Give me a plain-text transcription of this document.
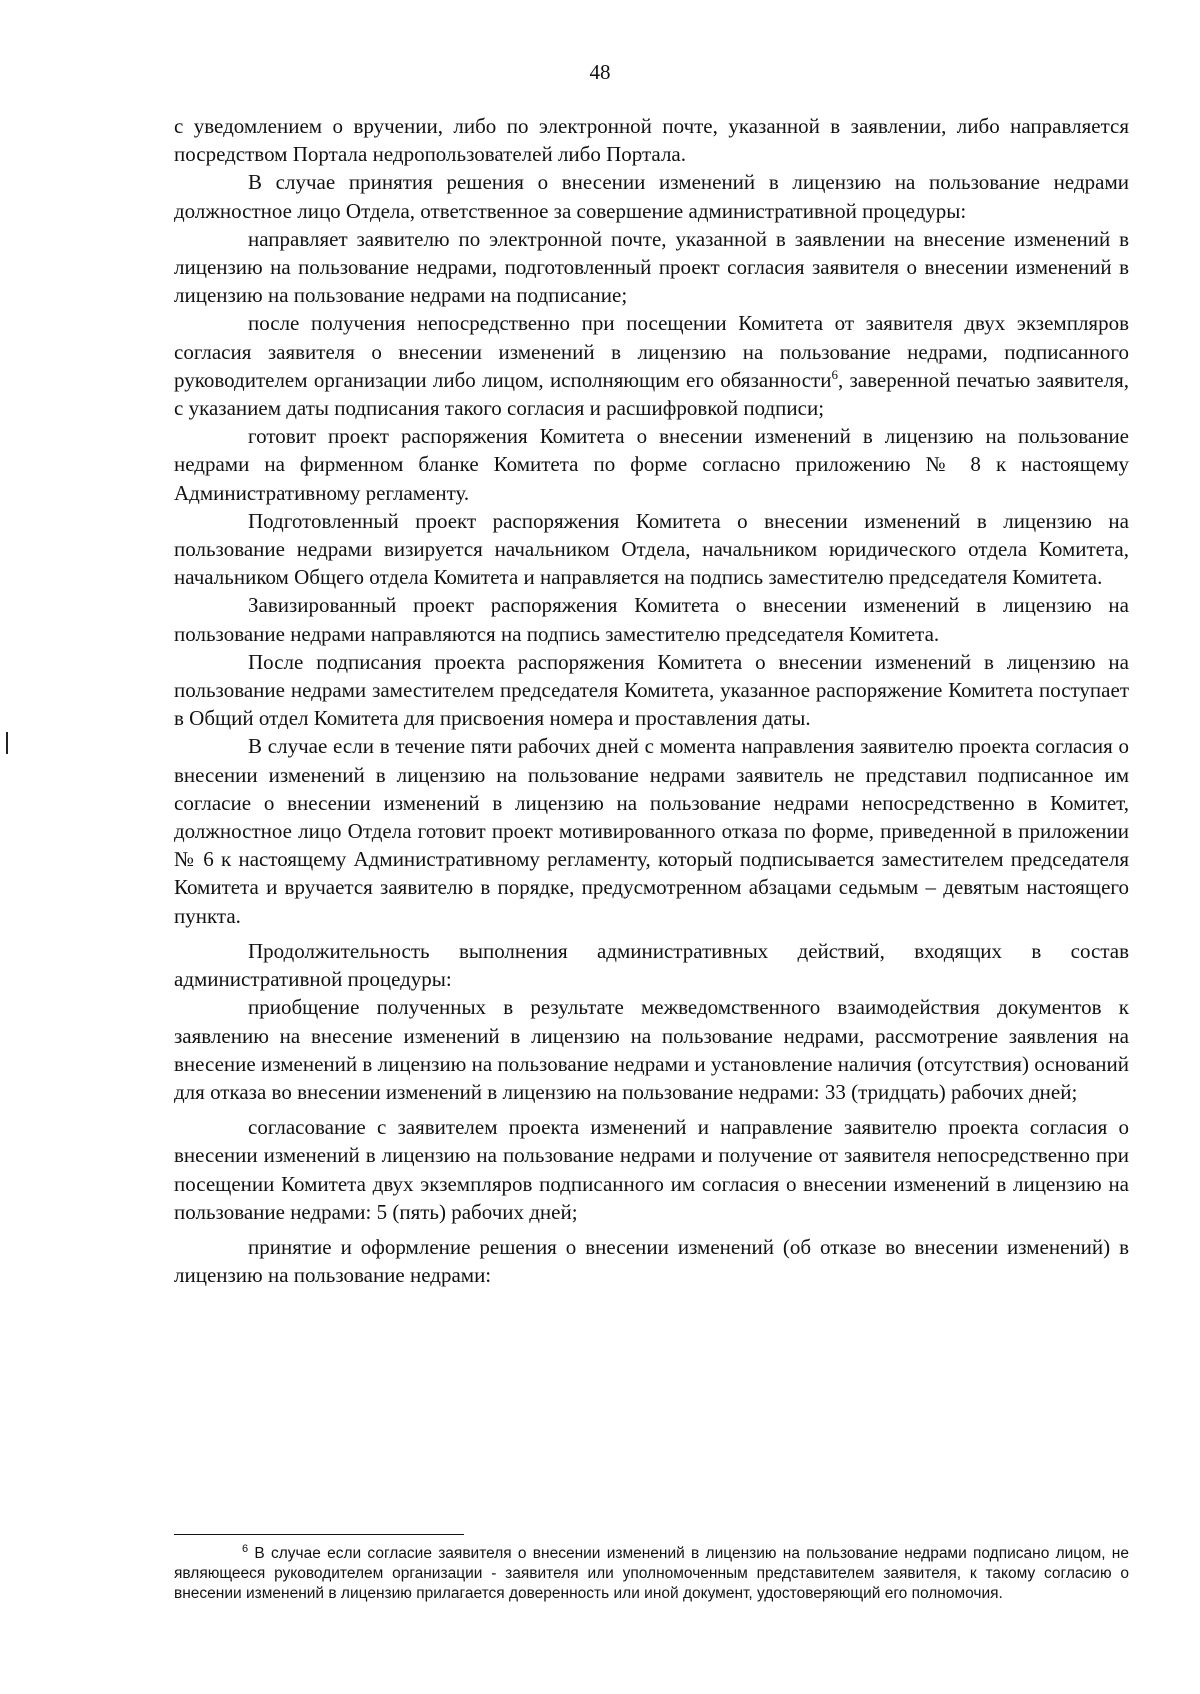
48

с уведомлением о вручении, либо по электронной почте, указанной в заявлении, либо направляется посредством Портала недропользователей либо Портала.

В случае принятия решения о внесении изменений в лицензию на пользование недрами должностное лицо Отдела, ответственное за совершение административной процедуры:

направляет заявителю по электронной почте, указанной в заявлении на внесение изменений в лицензию на пользование недрами, подготовленный проект согласия заявителя о внесении изменений в лицензию на пользование недрами на подписание;

после получения непосредственно при посещении Комитета от заявителя двух экземпляров согласия заявителя о внесении изменений в лицензию на пользование недрами, подписанного руководителем организации либо лицом, исполняющим его обязанности$^6$, заверенной печатью заявителя, с указанием даты подписания такого согласия и расшифровкой подписи;

готовит проект распоряжения Комитета о внесении изменений в лицензию на пользование недрами на фирменном бланке Комитета по форме согласно приложению № 8 к настоящему Административному регламенту.

Подготовленный проект распоряжения Комитета о внесении изменений в лицензию на пользование недрами визируется начальником Отдела, начальником юридического отдела Комитета, начальником Общего отдела Комитета и направляется на подпись заместителю председателя Комитета.

Завизированный проект распоряжения Комитета о внесении изменений в лицензию на пользование недрами направляются на подпись заместителю председателя Комитета.

После подписания проекта распоряжения Комитета о внесении изменений в лицензию на пользование недрами заместителем председателя Комитета, указанное распоряжение Комитета поступает в Общий отдел Комитета для присвоения номера и проставления даты.

В случае если в течение пяти рабочих дней с момента направления заявителю проекта согласия о внесении изменений в лицензию на пользование недрами заявитель не представил подписанное им согласие о внесении изменений в лицензию на пользование недрами непосредственно в Комитет, должностное лицо Отдела готовит проект мотивированного отказа по форме, приведенной в приложении № 6 к настоящему Административному регламенту, который подписывается заместителем председателя Комитета и вручается заявителю в порядке, предусмотренном абзацами седьмым – девятым настоящего пункта.

Продолжительность выполнения административных действий, входящих в состав административной процедуры:

приобщение полученных в результате межведомственного взаимодействия документов к заявлению на внесение изменений в лицензию на пользование недрами, рассмотрение заявления на внесение изменений в лицензию на пользование недрами и установление наличия (отсутствия) оснований для отказа во внесении изменений в лицензию на пользование недрами: 33 (тридцать) рабочих дней;

согласование с заявителем проекта изменений и направление заявителю проекта согласия о внесении изменений в лицензию на пользование недрами и получение от заявителя непосредственно при посещении Комитета двух экземпляров подписанного им согласия о внесении изменений в лицензию на пользование недрами: 5 (пять) рабочих дней;

принятие и оформление решения о внесении изменений (об отказе во внесении изменений) в лицензию на пользование недрами:

$^6$ В случае если согласие заявителя о внесении изменений в лицензию на пользование недрами подписано лицом, не являющееся руководителем организации - заявителя или уполномоченным представителем заявителя, к такому согласию о внесении изменений в лицензию прилагается доверенность или иной документ, удостоверяющий его полномочия.
